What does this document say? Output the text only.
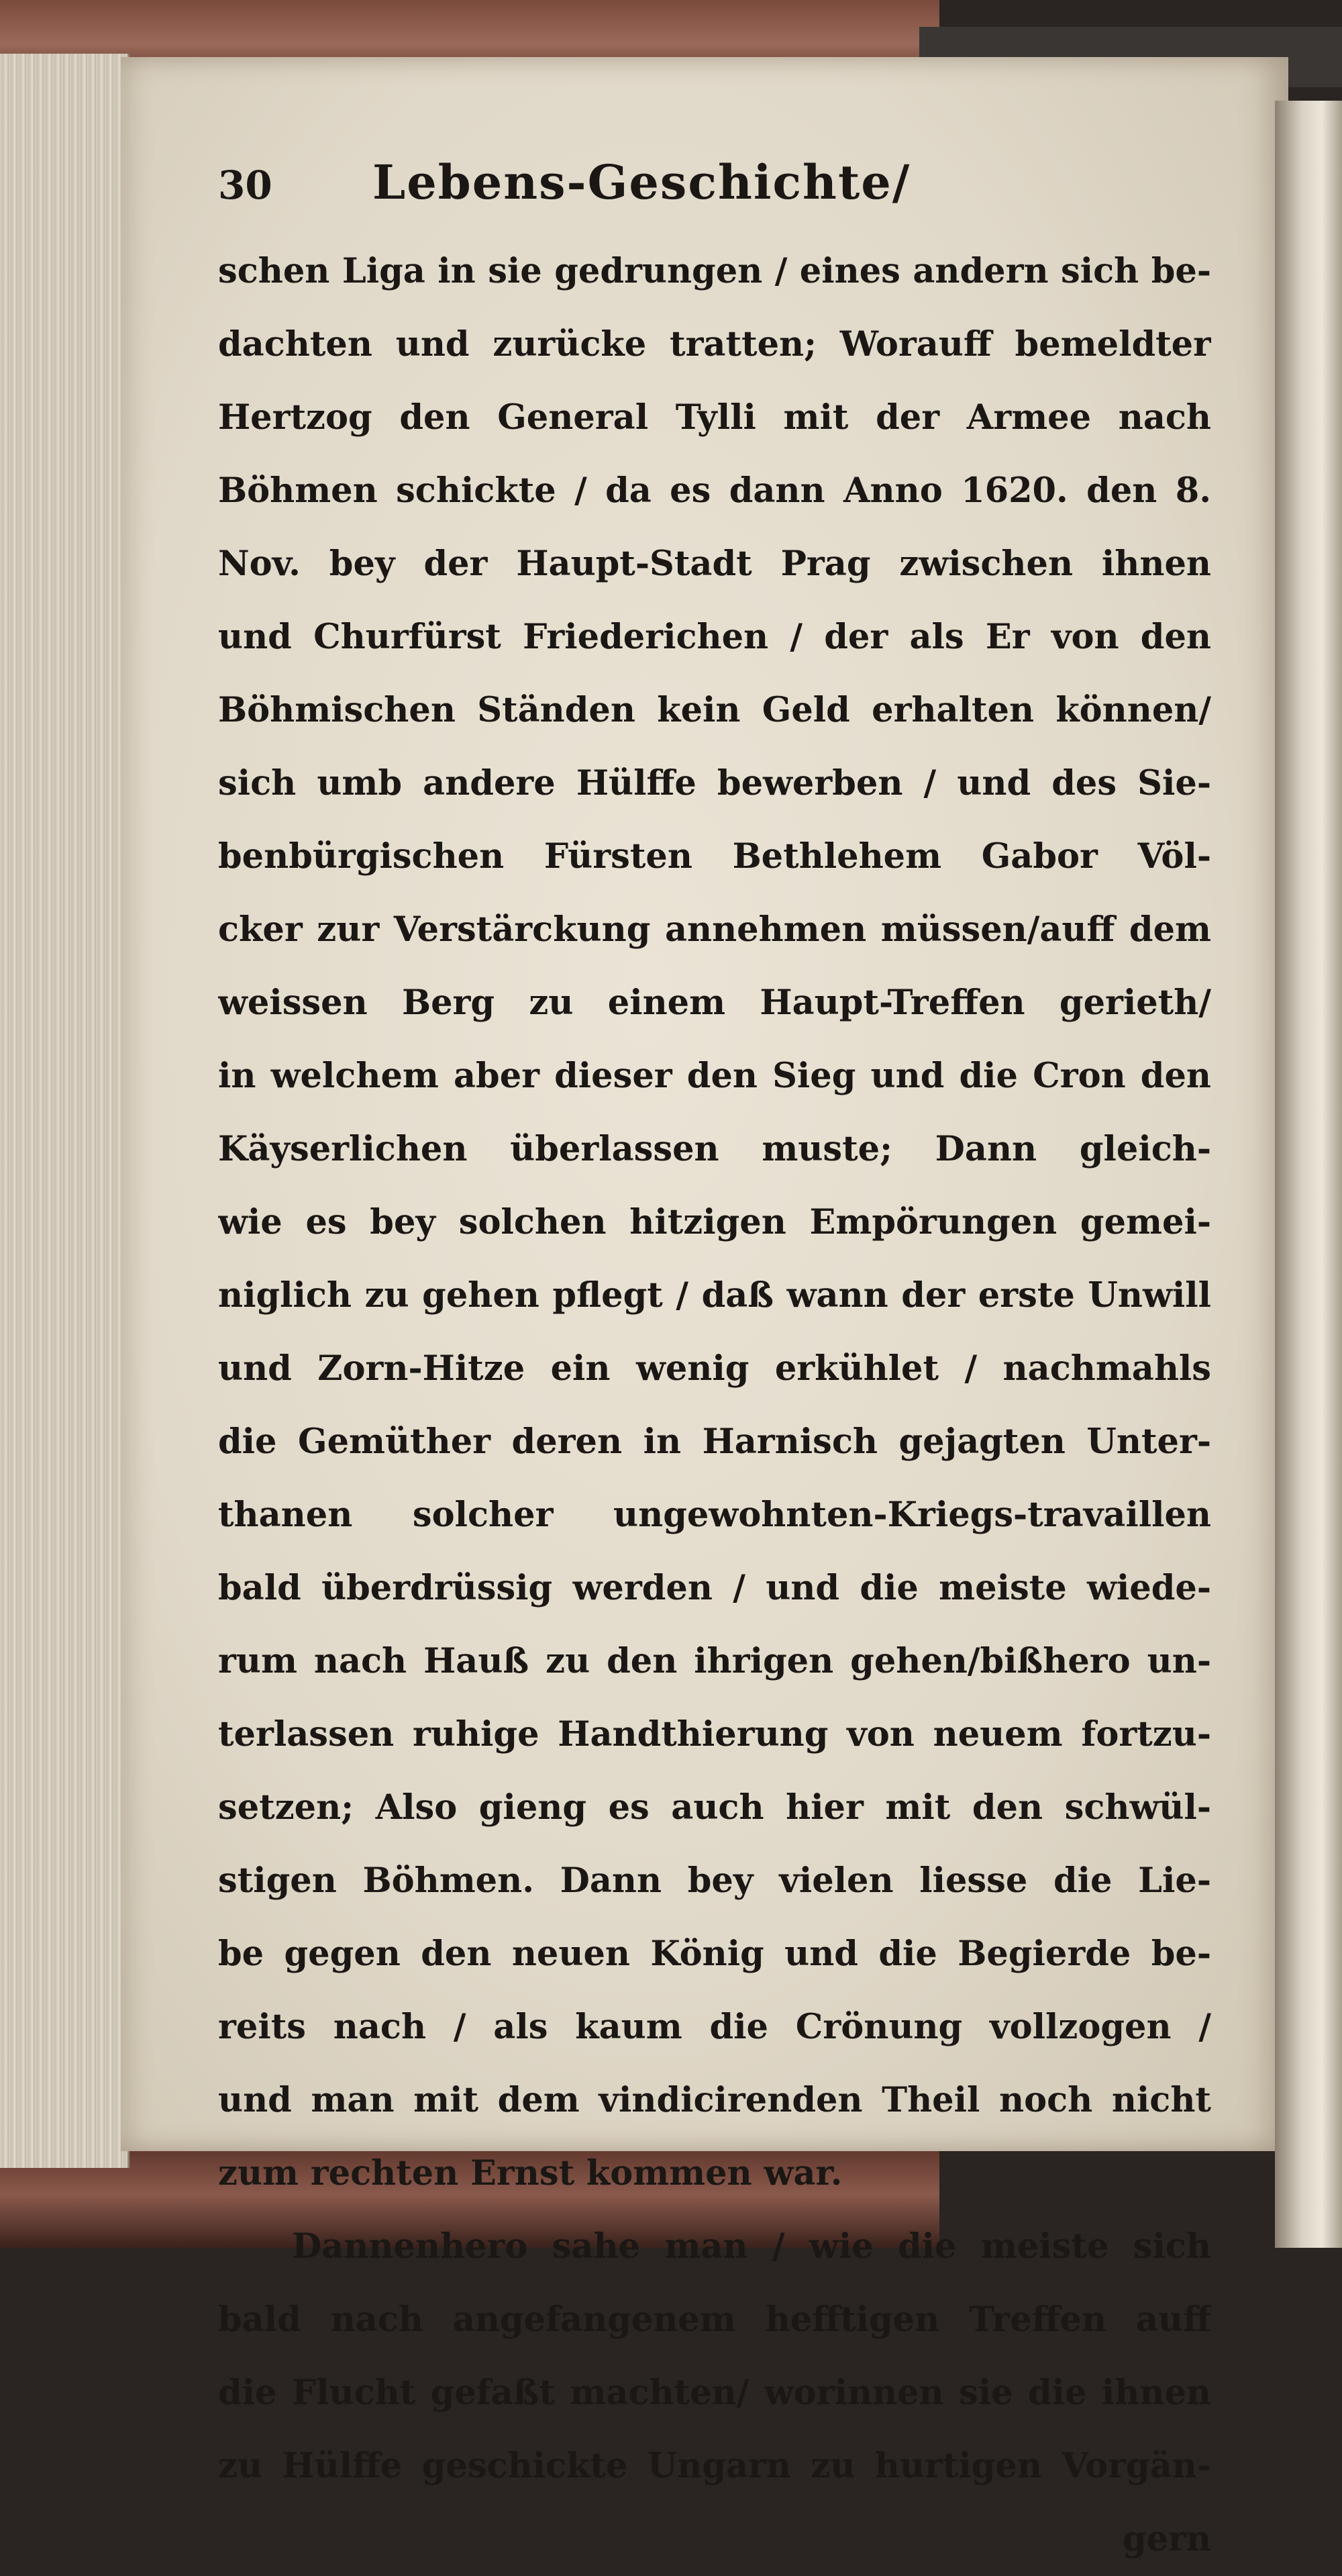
30	Lebens-Geschichte/
schen Liga in sie gedrungen / eines andern sich be-
dachten und zurücke tratten; Worauff bemeldter
Hertzog den General Tylli mit der Armee nach
Böhmen schickte / da es dann Anno 1620. den 8.
Nov. bey der Haupt-Stadt Prag zwischen ihnen
und Churfürst Friederichen / der als Er von den
Böhmischen Ständen kein Geld erhalten können/
sich umb andere Hülffe bewerben / und des Sie-
benbürgischen Fürsten Bethlehem Gabor Völ-
cker zur Verstärckung annehmen müssen/auff dem
weissen Berg zu einem Haupt-Treffen gerieth/
in welchem aber dieser den Sieg und die Cron den
Käyserlichen überlassen muste; Dann gleich-
wie es bey solchen hitzigen Empörungen gemei-
niglich zu gehen pflegt / daß wann der erste Unwill
und Zorn-Hitze ein wenig erkühlet / nachmahls
die Gemüther deren in Harnisch gejagten Unter-
thanen solcher ungewohnten-Kriegs-travaillen
bald überdrüssig werden / und die meiste wiede-
rum nach Hauß zu den ihrigen gehen/bißhero un-
terlassen ruhige Handthierung von neuem fortzu-
setzen; Also gieng es auch hier mit den schwül-
stigen Böhmen. Dann bey vielen liesse die Lie-
be gegen den neuen König und die Begierde be-
reits nach / als kaum die Crönung vollzogen /
und man mit dem vindicirenden Theil noch nicht
zum rechten Ernst kommen war.
Dannenhero sahe man / wie die meiste sich
bald nach angefangenem hefftigen Treffen auff
die Flucht gefaßt machten/ worinnen sie die ihnen
zu Hülffe geschickte Ungarn zu hurtigen Vorgän-
gern
